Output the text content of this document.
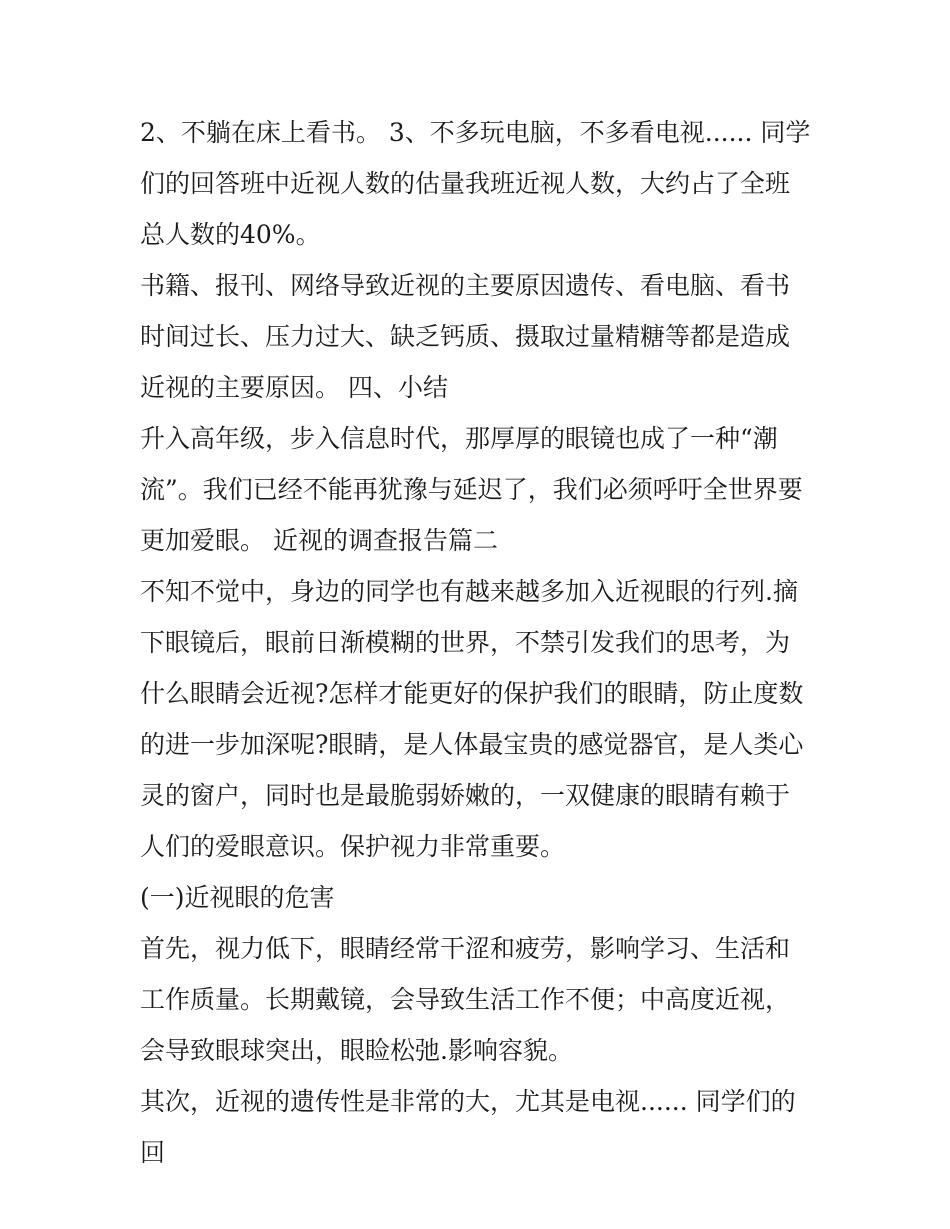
2、不躺在床上看书。 3、不多玩电脑，不多看电视...... 同学们的回答班中近视人数的估量我班近视人数，大约占了全班总人数的40%。

书籍、报刊、网络导致近视的主要原因遗传、看电脑、看书时间过长、压力过大、缺乏钙质、摄取过量精糖等都是造成近视的主要原因。 四、小结

升入高年级，步入信息时代，那厚厚的眼镜也成了一种“潮流”。我们已经不能再犹豫与延迟了，我们必须呼吁全世界要更加爱眼。 近视的调查报告篇二

不知不觉中，身边的同学也有越来越多加入近视眼的行列.摘下眼镜后，眼前日渐模糊的世界，不禁引发我们的思考，为什么眼睛会近视?怎样才能更好的保护我们的眼睛，防止度数的进一步加深呢?眼睛，是人体最宝贵的感觉器官，是人类心灵的窗户，同时也是最脆弱娇嫩的，一双健康的眼睛有赖于人们的爱眼意识。保护视力非常重要。

(一)近视眼的危害

首先，视力低下，眼睛经常干涩和疲劳，影响学习、生活和工作质量。长期戴镜，会导致生活工作不便；中高度近视，会导致眼球突出，眼睑松弛.影响容貌。

其次，近视的遗传性是非常的大，尤其是电视...... 同学们的回
